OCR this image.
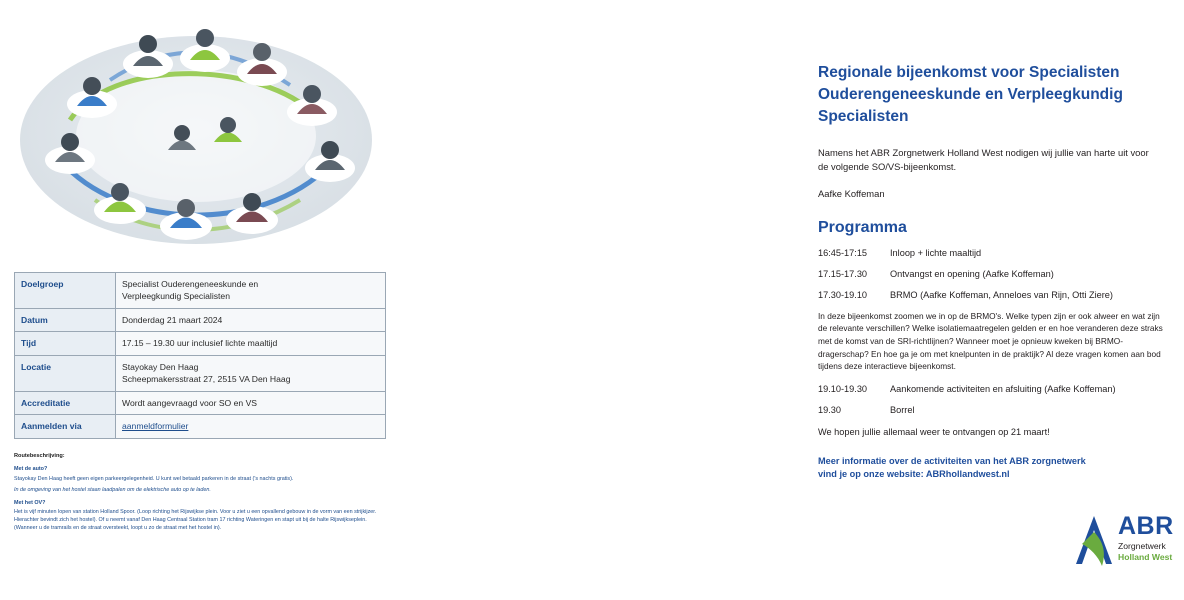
Doelgroep	Specialist Ouderengeneeskunde en
Verpleegkundig Specialisten

Datum	Donderdag 21 maart 2024
Tijd	17.15 – 19.30 uur inclusief lichte maaltijd
Locatie	Stayokay Den Haag
Scheepmakersstraat 27, 2515 VA Den Haag

Accreditatie	Wordt aangevraagd voor SO en VS
Aanmelden via	aanmeldformulier
Routebeschrijving:
Met de auto?

Stayokay Den Haag heeft geen eigen parkeergelegenheid. U kunt wel betaald parkeren in de straat ('s nachts gratis).

In de omgeving van het hostel staan laadpalen om de elektrische auto op te laden.

Met het OV?

Het is vijf minuten lopen van station Holland Spoor. (Loop richting het Rijswijkse plein. Voor u ziet u een opvallend gebouw in de vorm van een strijkijzer. Hierachter bevindt zich het hostel). Of u neemt vanaf Den Haag Centraal Station tram 17 richting Wateringen en stapt uit bij de halte Rijswijkseplein. (Wanneer u de tramrails en de straat oversteekt, loopt u zo de straat met het hostel in).

Regionale bijeenkomst voor Specialisten Ouderengeneeskunde en Verpleegkundig Specialisten
Namens het ABR Zorgnetwerk Holland West nodigen wij jullie van harte uit voor de volgende SO/VS-bijeenkomst.
Aafke Koffeman
Programma
16:45-17:15	Inloop + lichte maaltijd
17.15-17.30	Ontvangst en opening (Aafke Koffeman)
17.30-19.10	BRMO (Aafke Koffeman, Anneloes van Rijn, Otti Ziere)
In deze bijeenkomst zoomen we in op de BRMO's. Welke typen zijn er ook alweer en wat zijn de relevante verschillen? Welke isolatiemaatregelen gelden er en hoe veranderen deze straks met de komst van de SRI-richtlijnen? Wanneer moet je opnieuw kweken bij BRMO-dragerschap? En hoe ga je om met knelpunten in de praktijk? Al deze vragen komen aan bod tijdens deze interactieve bijeenkomst.
19.10-19.30	Aankomende activiteiten en afsluiting (Aafke Koffeman)
19.30	Borrel
We hopen jullie allemaal weer te ontvangen op 21 maart!
Meer informatie over de activiteiten van het ABR zorgnetwerk
vind je op onze website: ABRhollandwest.nl
ABR
Zorgnetwerk
Holland West
